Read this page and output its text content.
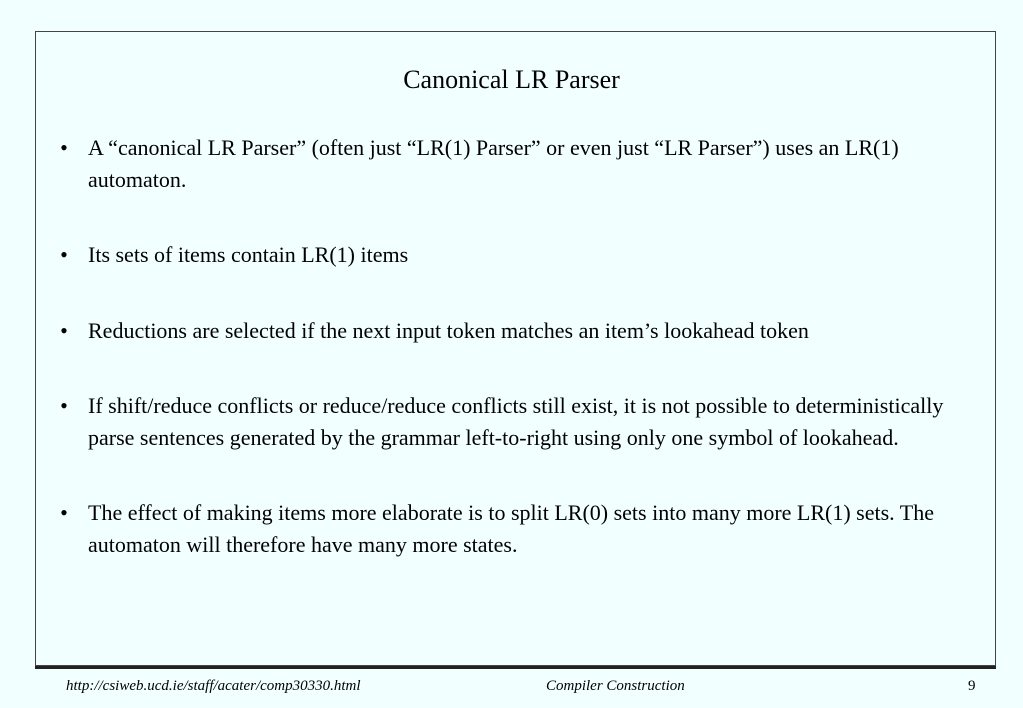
Canonical LR Parser
• A “canonical LR Parser” (often just “LR(1) Parser” or even just “LR Parser”) uses an LR(1) automaton.
• Its sets of items contain LR(1) items
• Reductions are selected if the next input token matches an item’s lookahead token
• If shift/reduce conflicts or reduce/reduce conflicts still exist, it is not possible to deterministically parse sentences generated by the grammar left-to-right using only one symbol of lookahead.
• The effect of making items more elaborate is to split LR(0) sets into many more LR(1) sets. The automaton will therefore have many more states.
http://csiweb.ucd.ie/staff/acater/comp30330.html	Compiler Construction	9
